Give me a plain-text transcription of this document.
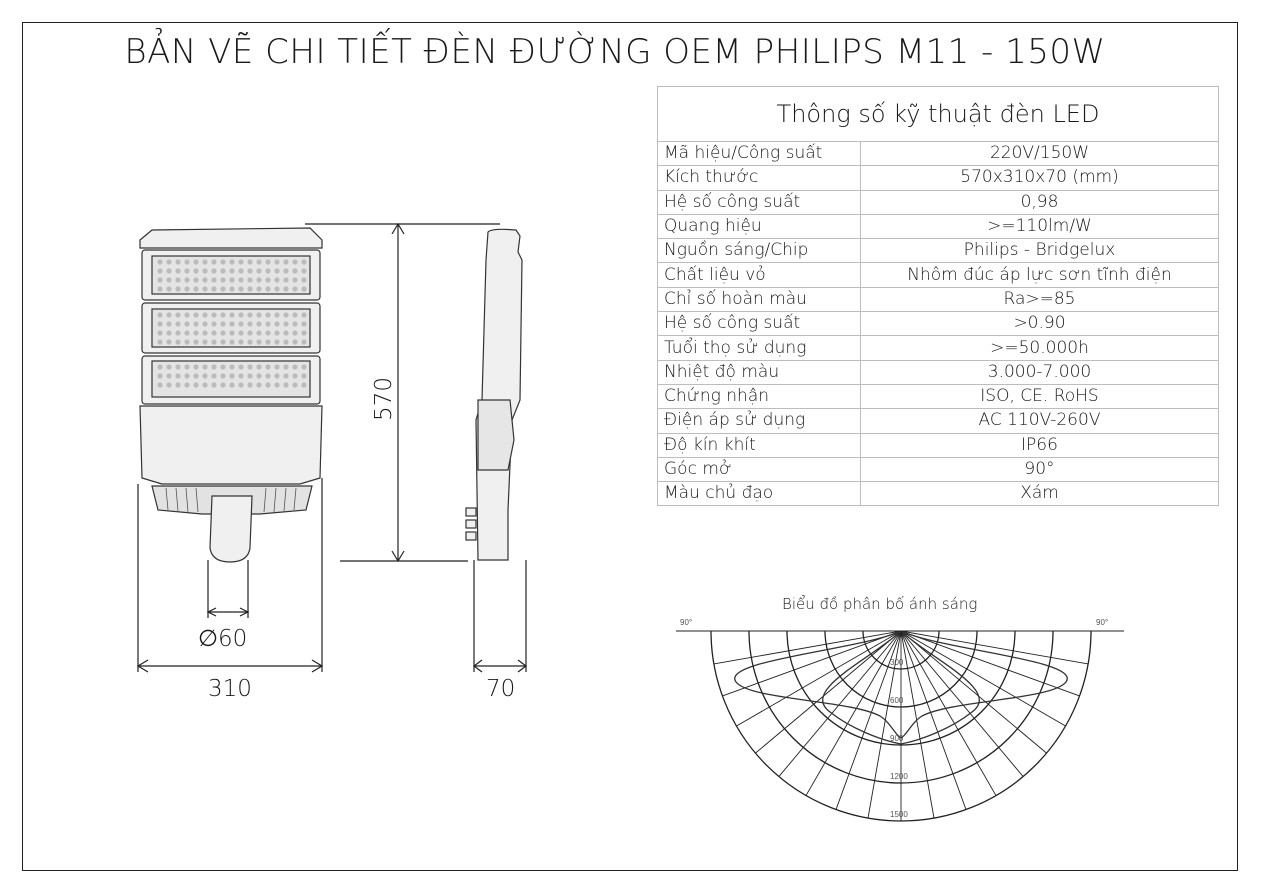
BẢN VẼ CHI TIẾT ĐÈN ĐƯỜNG OEM PHILIPS M11 - 150W
Thông số kỹ thuật đèn LED	
Mã hiệu/Công suất	220V/150W
Kích thước	570x310x70 (mm)
Hệ số công suất	0,98
Quang hiệu	>=110lm/W
Nguồn sáng/Chip	Philips - Bridgelux
Chất liệu vỏ	Nhôm đúc áp lực sơn tĩnh điện
Chỉ số hoàn màu	Ra>=85
Hệ số công suất	>0.90
Tuổi thọ sử dụng	>=50.000h
Nhiệt độ màu	3.000-7.000
Chứng nhận	ISO, CE. RoHS
Điện áp sử dụng	AC 110V-260V
Độ kín khít	IP66
Góc mở	90°
Màu chủ đạo	Xám
570
310
∅60
70
Biểu đồ phân bố ánh sáng
90°	90°
300
600
900
1200
1500
